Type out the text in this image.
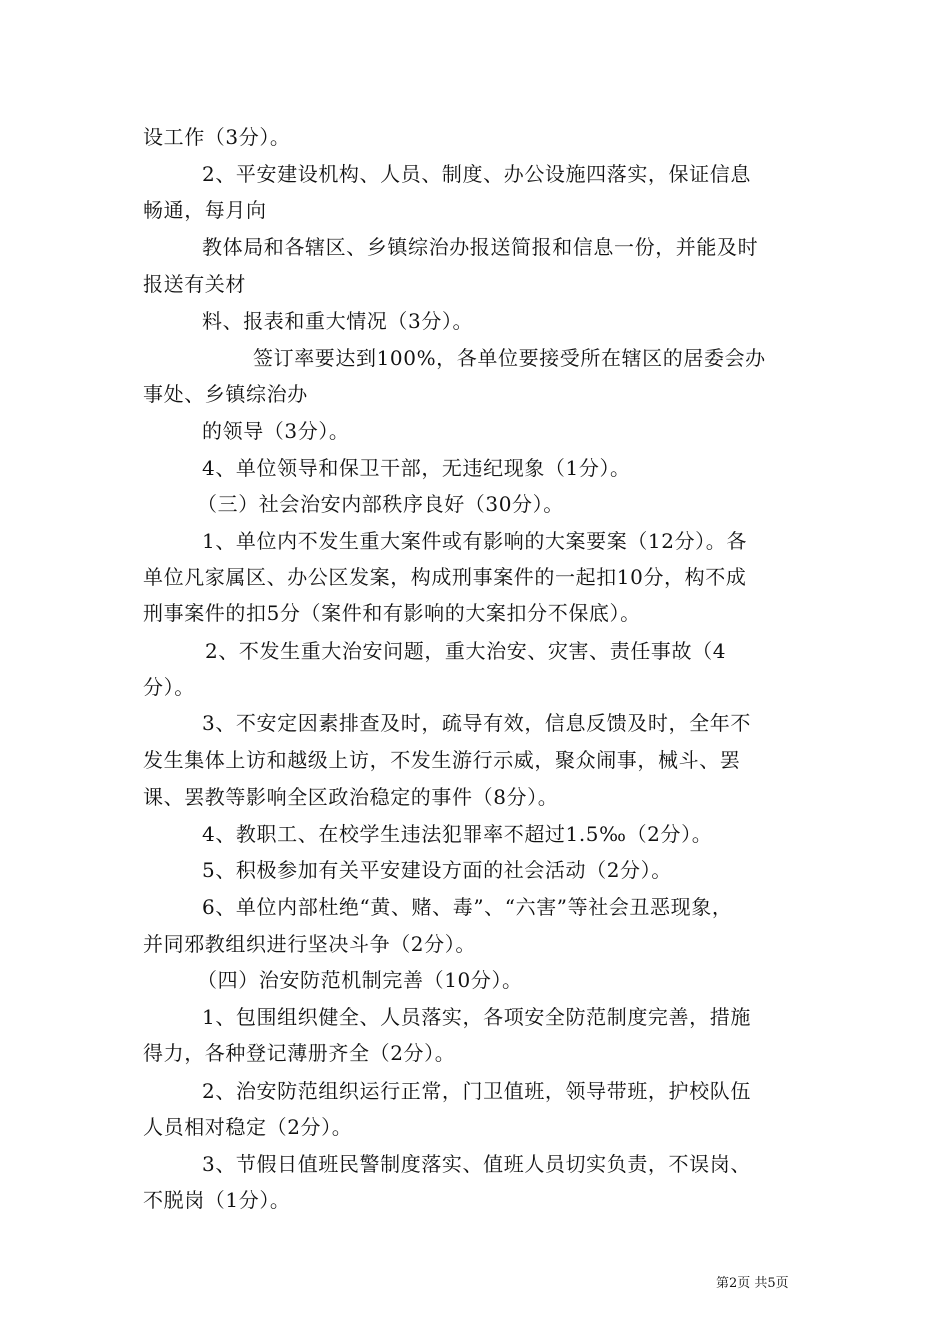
设工作（3分）。
2、平安建设机构、人员、制度、办公设施四落实，保证信息
畅通，每月向
教体局和各辖区、乡镇综治办报送简报和信息一份，并能及时
报送有关材
料、报表和重大情况（3分）。
签订率要达到100%，各单位要接受所在辖区的居委会办
事处、乡镇综治办
的领导（3分）。
4、单位领导和保卫干部，无违纪现象（1分）。
（三）社会治安内部秩序良好（30分）。
1、单位内不发生重大案件或有影响的大案要案（12分）。各
单位凡家属区、办公区发案，构成刑事案件的一起扣10分，构不成
刑事案件的扣5分（案件和有影响的大案扣分不保底）。
2、不发生重大治安问题，重大治安、灾害、责任事故（4
分）。
3、不安定因素排查及时，疏导有效，信息反馈及时，全年不
发生集体上访和越级上访，不发生游行示威，聚众闹事，械斗、罢
课、罢教等影响全区政治稳定的事件（8分）。
4、教职工、在校学生违法犯罪率不超过1.5‰（2分）。
5、积极参加有关平安建设方面的社会活动（2分）。
6、单位内部杜绝“黄、赌、毒”、“六害”等社会丑恶现象，
并同邪教组织进行坚决斗争（2分）。
（四）治安防范机制完善（10分）。
1、包围组织健全、人员落实，各项安全防范制度完善，措施
得力，各种登记薄册齐全（2分）。
2、治安防范组织运行正常，门卫值班，领导带班，护校队伍
人员相对稳定（2分）。
3、节假日值班民警制度落实、值班人员切实负责，不误岗、
不脱岗（1分）。
第2页 共5页
